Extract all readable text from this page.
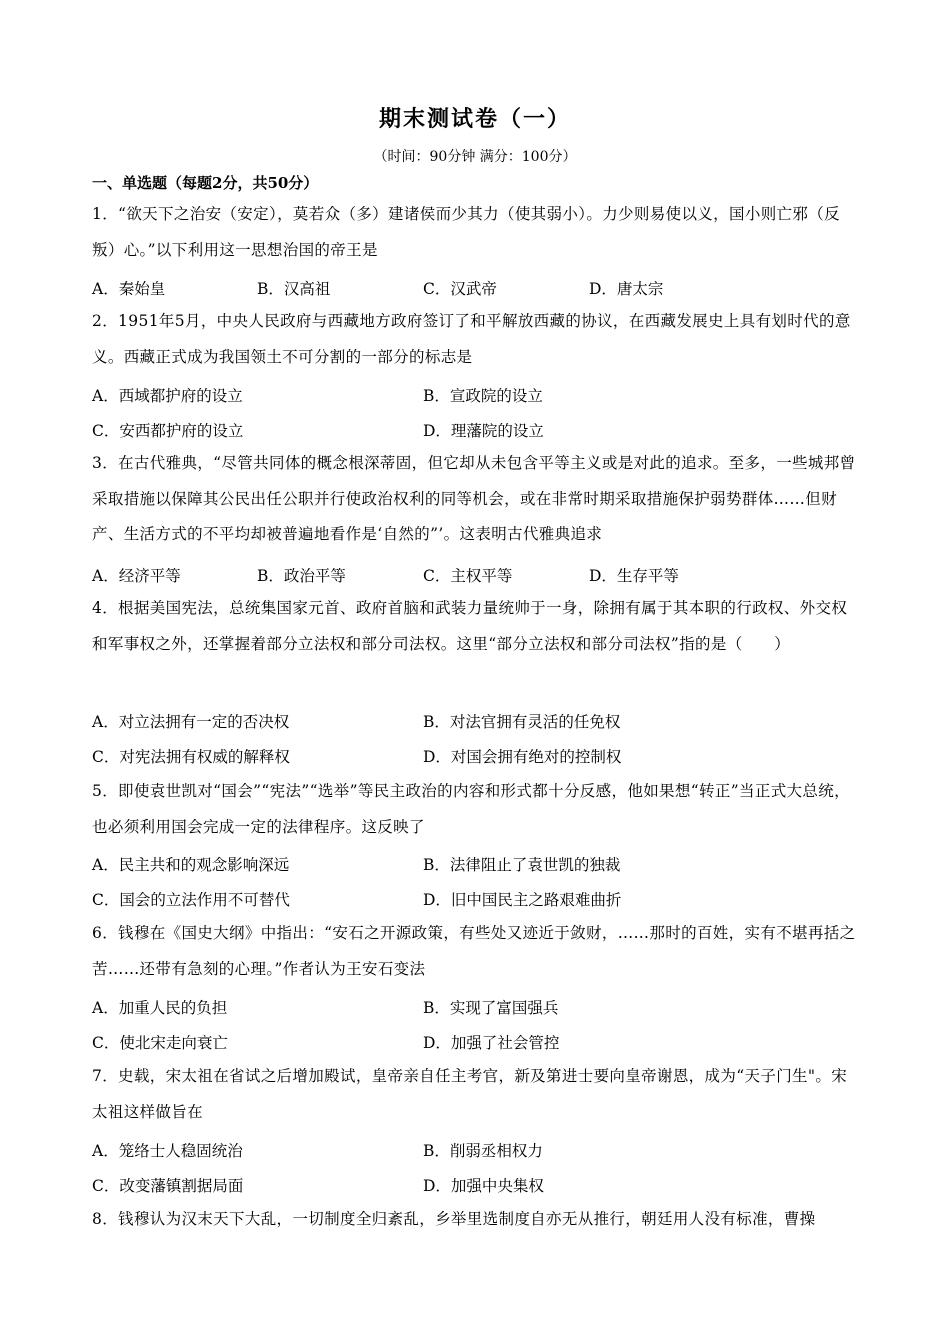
期末测试卷（一）
（时间：90分钟 满分：100分）
一、单选题（每题2分，共50分）
1．“欲天下之治安（安定），莫若众（多）建诸侯而少其力（使其弱小）。力少则易使以义，国小则亡邪（反叛）心。”以下利用这一思想治国的帝王是
A．秦始皇	B．汉高祖	C．汉武帝	D．唐太宗
2．1951年5月，中央人民政府与西藏地方政府签订了和平解放西藏的协议，在西藏发展史上具有划时代的意义。西藏正式成为我国领土不可分割的一部分的标志是
A．西域都护府的设立	B．宣政院的设立
C．安西都护府的设立	D．理藩院的设立
3．在古代雅典，“尽管共同体的概念根深蒂固，但它却从未包含平等主义或是对此的追求。至多，一些城邦曾采取措施以保障其公民出任公职并行使政治权利的同等机会，或在非常时期采取措施保护弱势群体……但财产、生活方式的不平均却被普遍地看作是‘自然的”’。这表明古代雅典追求
A．经济平等	B．政治平等	C．主权平等	D．生存平等
4．根据美国宪法，总统集国家元首、政府首脑和武装力量统帅于一身，除拥有属于其本职的行政权、外交权和军事权之外，还掌握着部分立法权和部分司法权。这里“部分立法权和部分司法权”指的是（　　）
A．对立法拥有一定的否决权	B．对法官拥有灵活的任免权
C．对宪法拥有权威的解释权	D．对国会拥有绝对的控制权
5．即使袁世凯对“国会”“宪法”“选举”等民主政治的内容和形式都十分反感，他如果想“转正”当正式大总统，也必须利用国会完成一定的法律程序。这反映了
A．民主共和的观念影响深远	B．法律阻止了袁世凯的独裁
C．国会的立法作用不可替代	D．旧中国民主之路艰难曲折
6．钱穆在《国史大纲》中指出：“安石之开源政策，有些处又迹近于敛财，……那时的百姓，实有不堪再括之苦……还带有急刻的心理。”作者认为王安石变法
A．加重人民的负担	B．实现了富国强兵
C．使北宋走向衰亡	D．加强了社会管控
7．史载，宋太祖在省试之后增加殿试，皇帝亲自任主考官，新及第进士要向皇帝谢恩，成为“天子门生"。宋太祖这样做旨在
A．笼络士人稳固统治	B．削弱丞相权力
C．改变藩镇割据局面	D．加强中央集权
8．钱穆认为汉末天下大乱，一切制度全归紊乱，乡举里选制度自亦无从推行，朝廷用人没有标准，曹操
